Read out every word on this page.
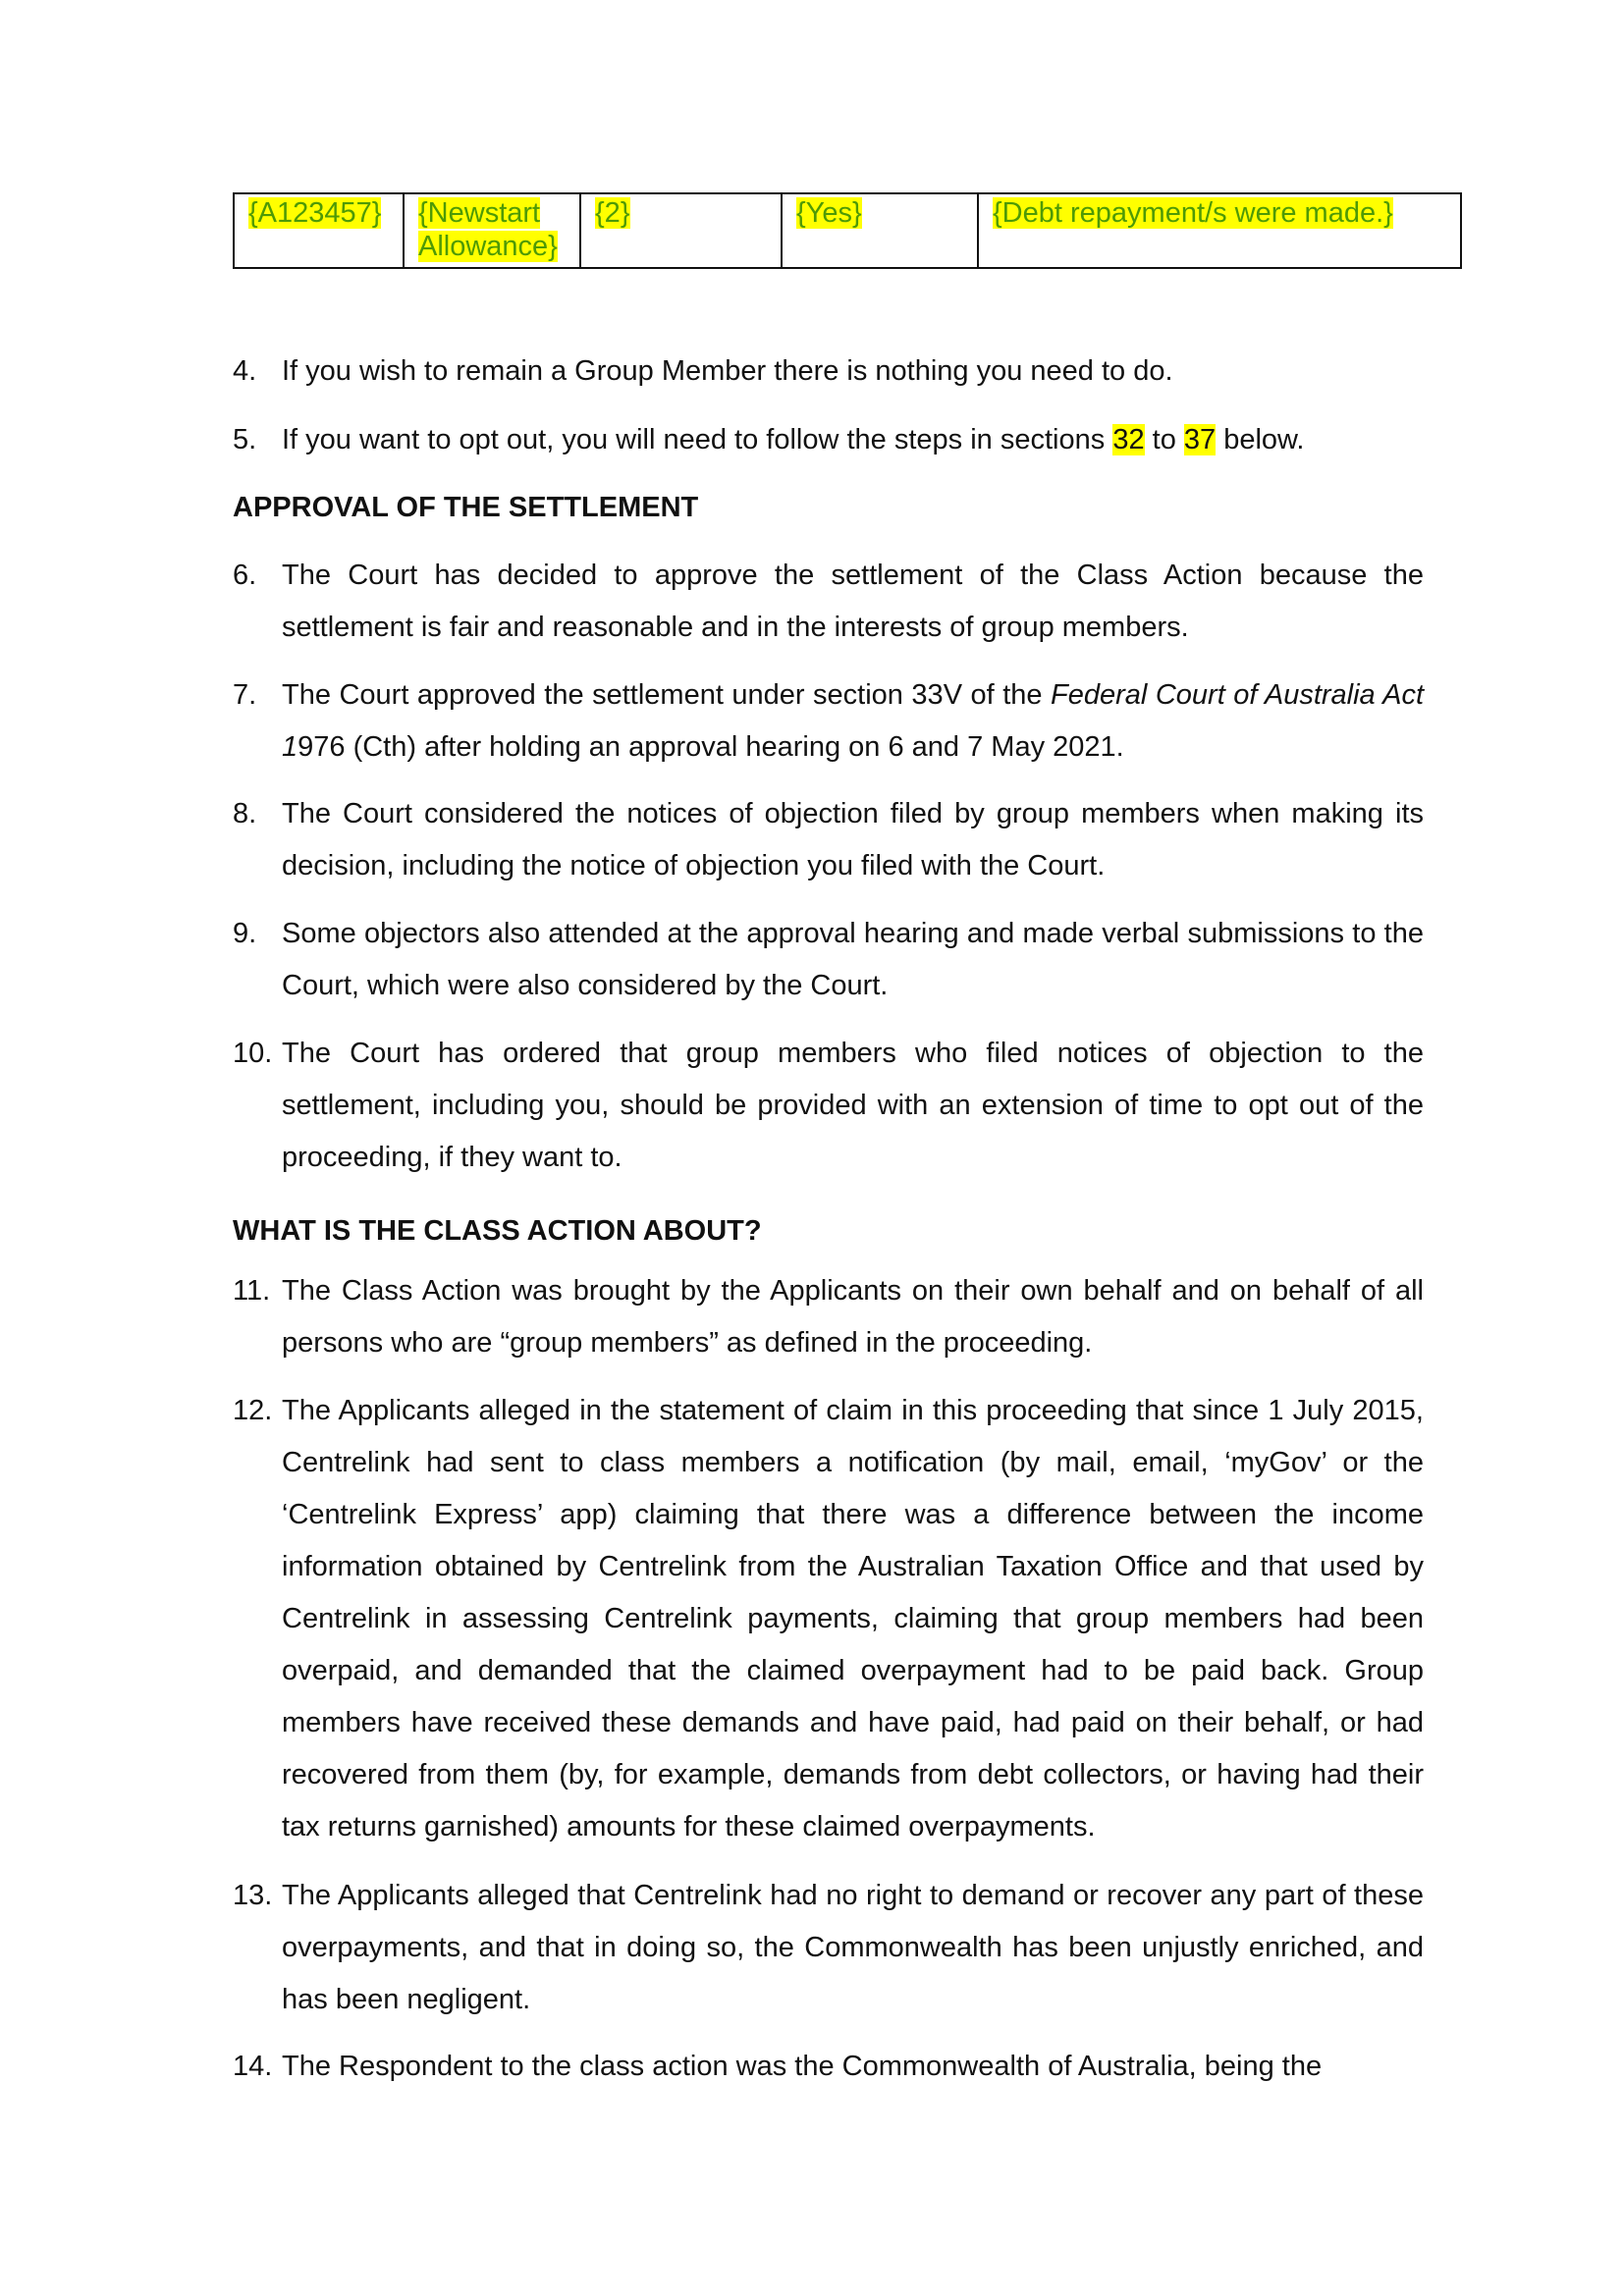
{A123457}	{Newstart Allowance}	{2}	{Yes}	{Debt repayment/s were made.}
4. If you wish to remain a Group Member there is nothing you need to do.
5. If you want to opt out, you will need to follow the steps in sections 32 to 37 below.
APPROVAL OF THE SETTLEMENT
6. The Court has decided to approve the settlement of the Class Action because the settlement is fair and reasonable and in the interests of group members.
7. The Court approved the settlement under section 33V of the Federal Court of Australia Act 1976 (Cth) after holding an approval hearing on 6 and 7 May 2021.
8. The Court considered the notices of objection filed by group members when making its decision, including the notice of objection you filed with the Court.
9. Some objectors also attended at the approval hearing and made verbal submissions to the Court, which were also considered by the Court.
10. The Court has ordered that group members who filed notices of objection to the settlement, including you, should be provided with an extension of time to opt out of the proceeding, if they want to.
WHAT IS THE CLASS ACTION ABOUT?
11. The Class Action was brought by the Applicants on their own behalf and on behalf of all persons who are “group members” as defined in the proceeding.
12. The Applicants alleged in the statement of claim in this proceeding that since 1 July 2015, Centrelink had sent to class members a notification (by mail, email, ‘myGov’ or the ‘Centrelink Express’ app) claiming that there was a difference between the income information obtained by Centrelink from the Australian Taxation Office and that used by Centrelink in assessing Centrelink payments, claiming that group members had been overpaid, and demanded that the claimed overpayment had to be paid back. Group members have received these demands and have paid, had paid on their behalf, or had recovered from them (by, for example, demands from debt collectors, or having had their tax returns garnished) amounts for these claimed overpayments.
13. The Applicants alleged that Centrelink had no right to demand or recover any part of these overpayments, and that in doing so, the Commonwealth has been unjustly enriched, and has been negligent.
14. The Respondent to the class action was the Commonwealth of Australia, being the
